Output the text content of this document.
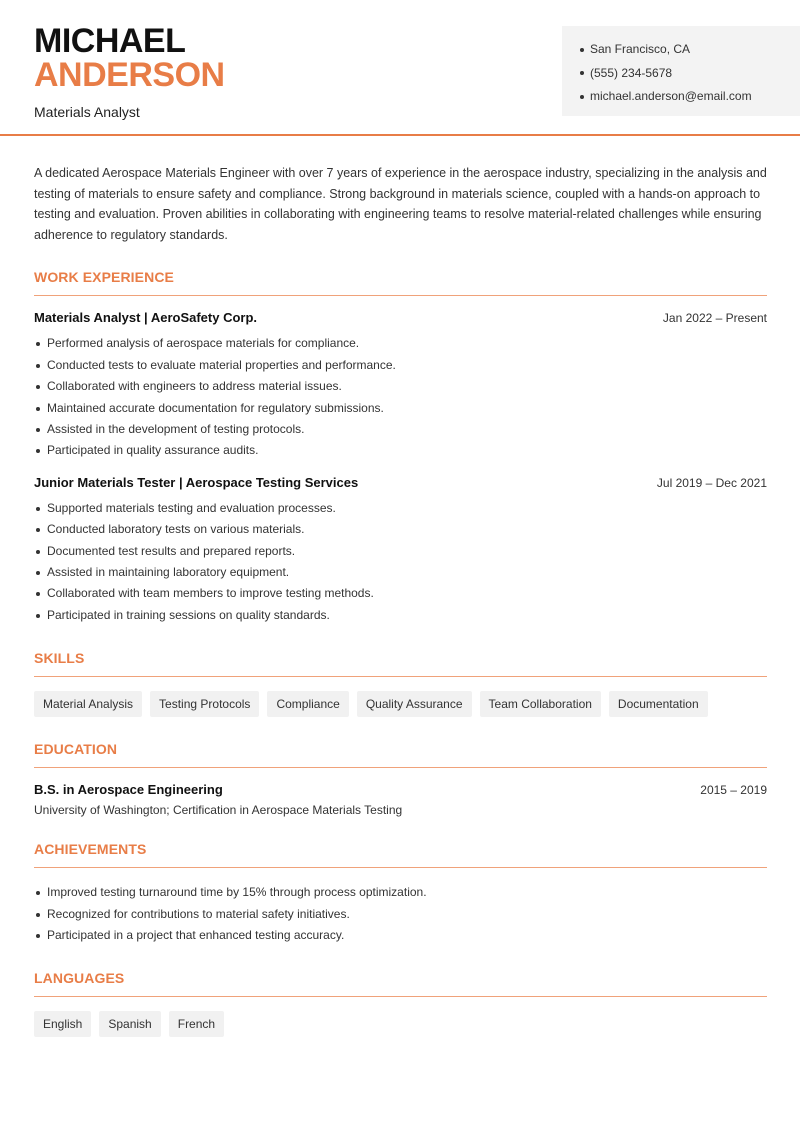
MICHAEL
ANDERSON
Materials Analyst
San Francisco, CA
(555) 234-5678
michael.anderson@email.com

A dedicated Aerospace Materials Engineer with over 7 years of experience in the aerospace industry, specializing in the analysis and testing of materials to ensure safety and compliance. Strong background in materials science, coupled with a hands-on approach to testing and evaluation. Proven abilities in collaborating with engineering teams to resolve material-related challenges while ensuring adherence to regulatory standards.

WORK EXPERIENCE
Materials Analyst | AeroSafety Corp.	Jan 2022 – Present
Performed analysis of aerospace materials for compliance.
Conducted tests to evaluate material properties and performance.
Collaborated with engineers to address material issues.
Maintained accurate documentation for regulatory submissions.
Assisted in the development of testing protocols.
Participated in quality assurance audits.
Junior Materials Tester | Aerospace Testing Services	Jul 2019 – Dec 2021
Supported materials testing and evaluation processes.
Conducted laboratory tests on various materials.
Documented test results and prepared reports.
Assisted in maintaining laboratory equipment.
Collaborated with team members to improve testing methods.
Participated in training sessions on quality standards.
SKILLS
Material Analysis	Testing Protocols	Compliance	Quality Assurance	Team Collaboration	Documentation
EDUCATION
B.S. in Aerospace Engineering	2015 – 2019
University of Washington; Certification in Aerospace Materials Testing
ACHIEVEMENTS
Improved testing turnaround time by 15% through process optimization.
Recognized for contributions to material safety initiatives.
Participated in a project that enhanced testing accuracy.
LANGUAGES
English	Spanish	French
